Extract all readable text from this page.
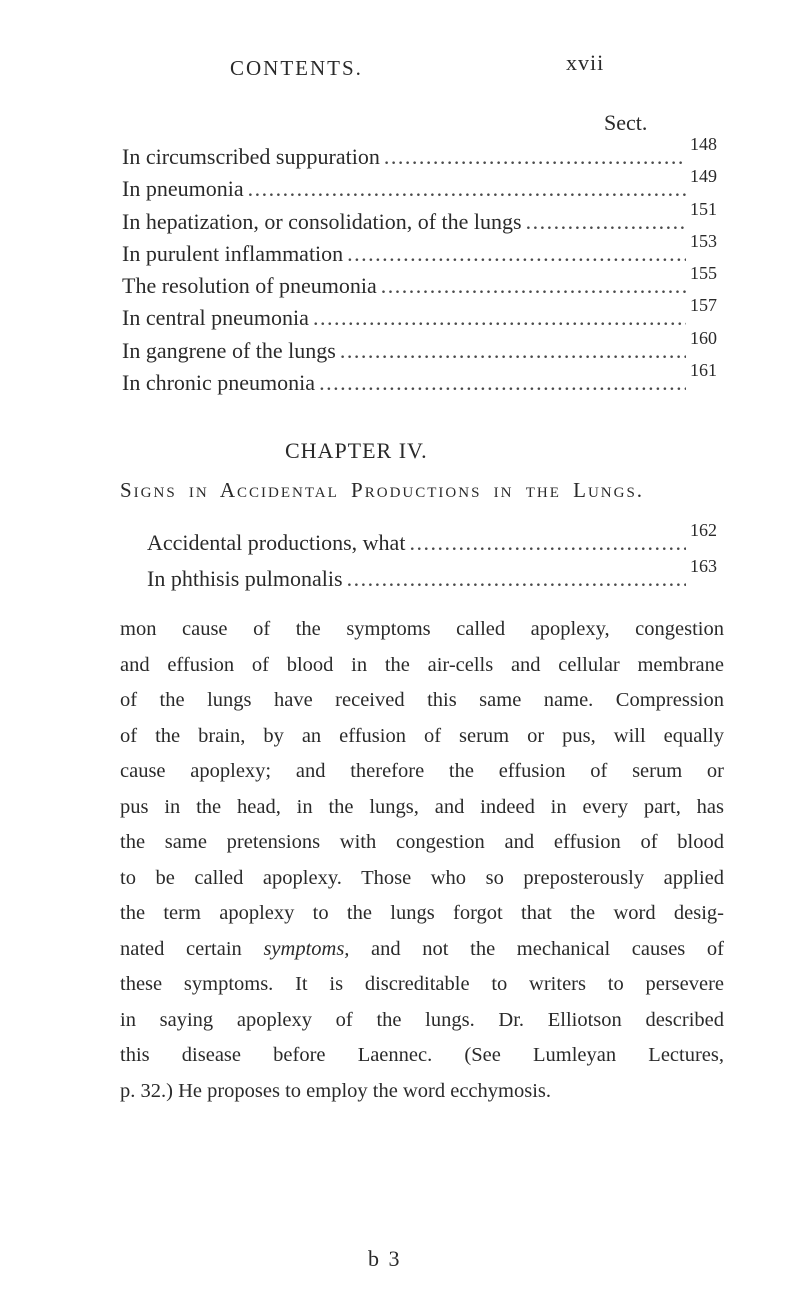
CONTENTS.	xvii
Sect.
In circumscribed suppuration . . .	148
In pneumonia . . .	149
In hepatization, or consolidation, of the lungs . . .	151
In purulent inflammation . . .	153
The resolution of pneumonia . . .	155
In central pneumonia . . .	157
In gangrene of the lungs . . .	160
In chronic pneumonia . . .	161
CHAPTER IV.
Signs in Accidental Productions in the Lungs.
Accidental productions, what . . .	162
In phthisis pulmonalis . . .	163
mon cause of the symptoms called apoplexy, congestion
and effusion of blood in the air-cells and cellular membrane
of the lungs have received this same name. Compression
of the brain, by an effusion of serum or pus, will equally
cause apoplexy; and therefore the effusion of serum or
pus in the head, in the lungs, and indeed in every part, has
the same pretensions with congestion and effusion of blood
to be called apoplexy. Those who so preposterously applied
the term apoplexy to the lungs forgot that the word desig-
nated certain symptoms, and not the mechanical causes of
these symptoms. It is discreditable to writers to persevere
in saying apoplexy of the lungs. Dr. Elliotson described
this disease before Laennec. (See Lumleyan Lectures,
p. 32.) He proposes to employ the word ecchymosis.
b 3
